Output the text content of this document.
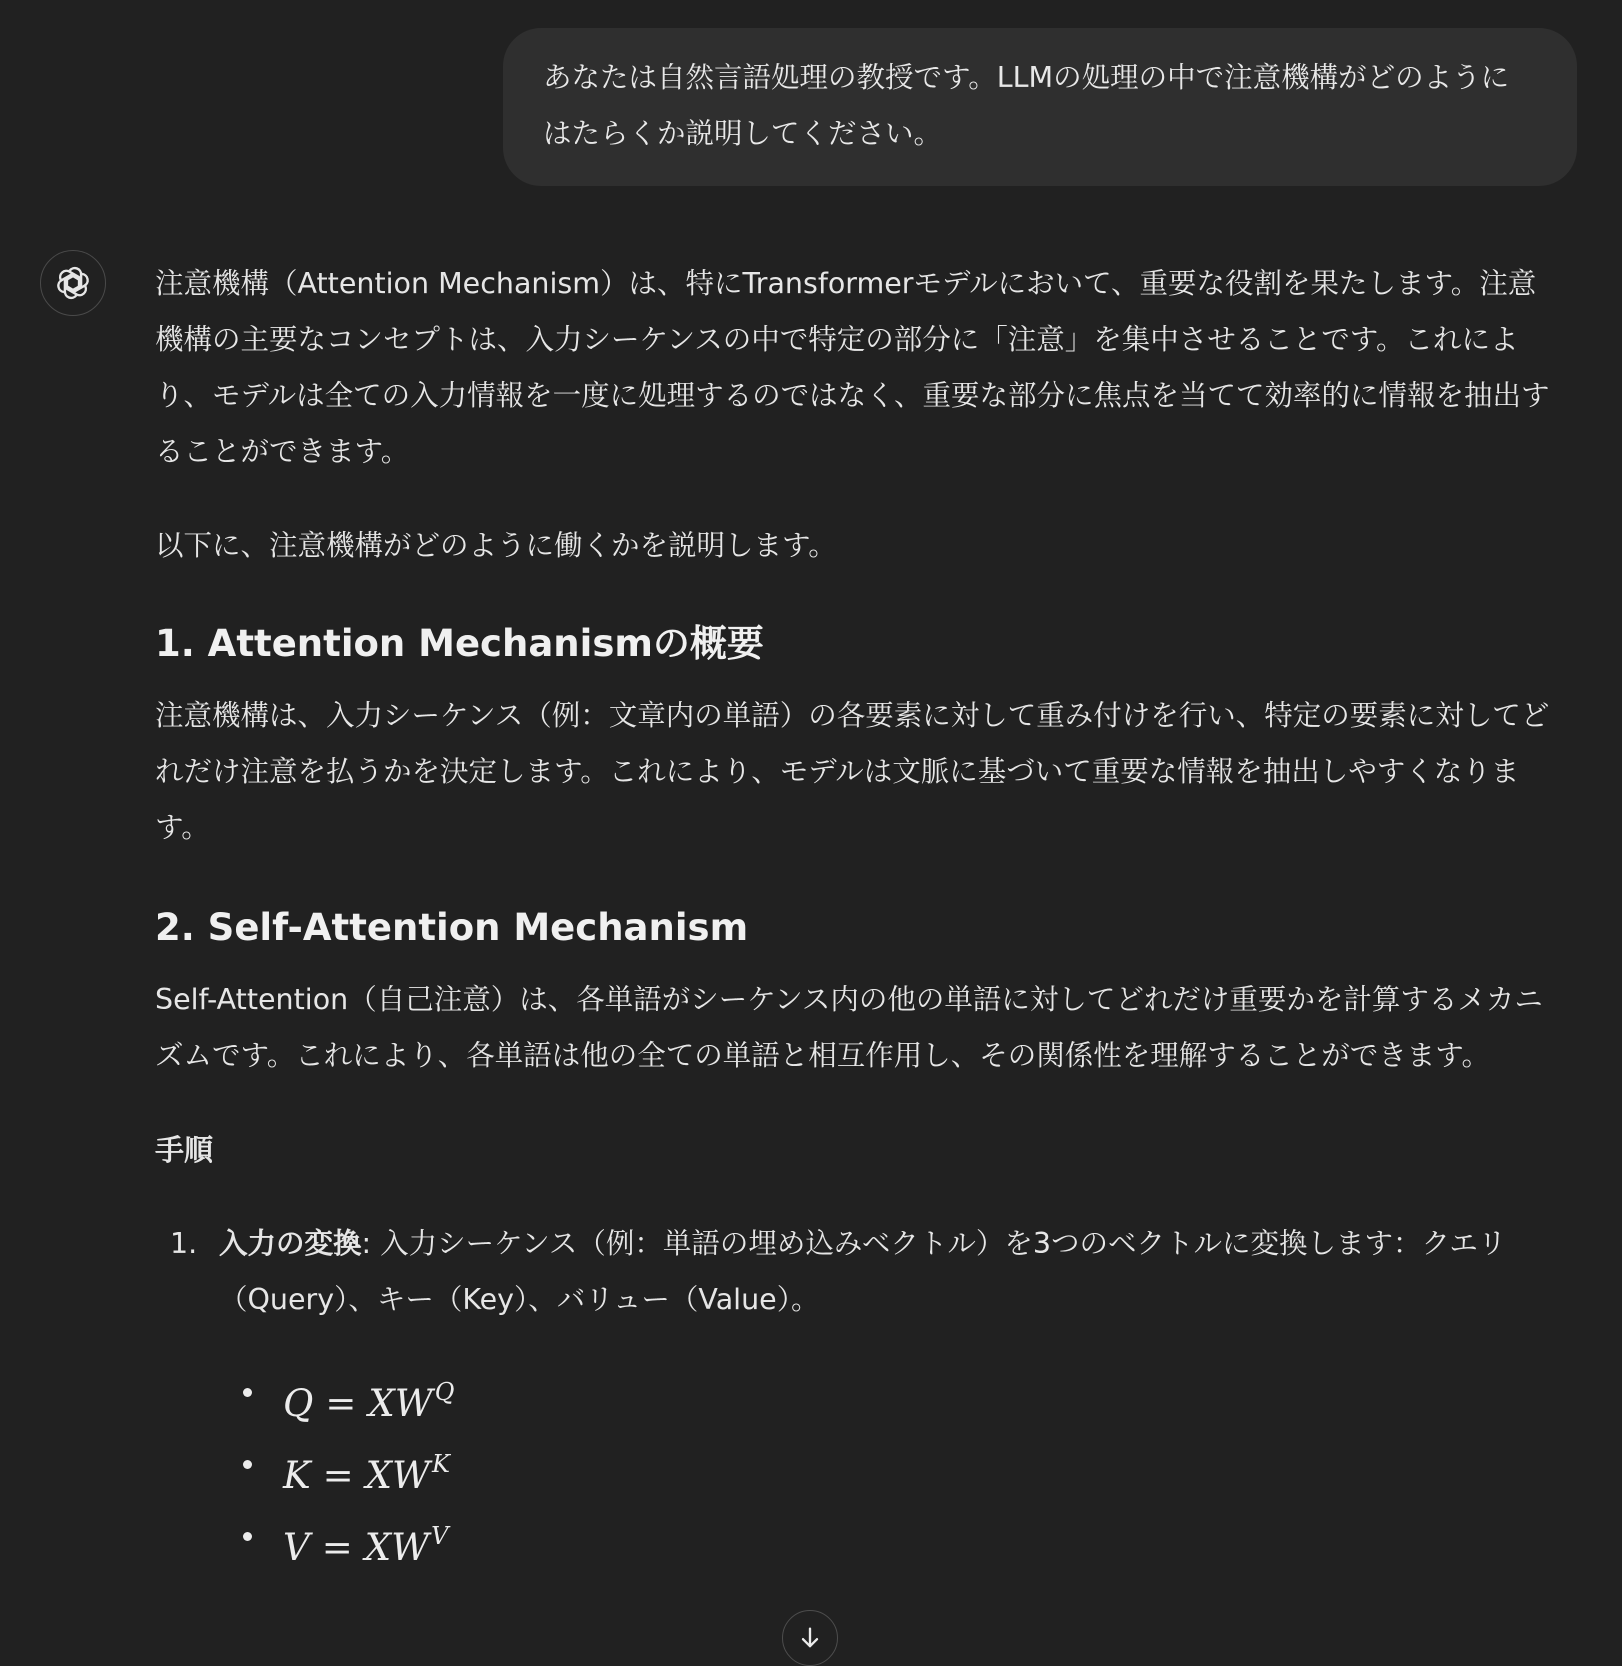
あなたは自然言語処理の教授です。LLMの処理の中で注意機構がどのようにはたらくか説明してください。

注意機構（Attention Mechanism）は、特にTransformerモデルにおいて、重要な役割を果たします。注意機構の主要なコンセプトは、入力シーケンスの中で特定の部分に「注意」を集中させることです。これにより、モデルは全ての入力情報を一度に処理するのではなく、重要な部分に焦点を当てて効率的に情報を抽出することができます。

以下に、注意機構がどのように働くかを説明します。

1. Attention Mechanismの概要

注意機構は、入力シーケンス（例：文章内の単語）の各要素に対して重み付けを行い、特定の要素に対してどれだけ注意を払うかを決定します。これにより、モデルは文脈に基づいて重要な情報を抽出しやすくなります。

2. Self-Attention Mechanism

Self-Attention（自己注意）は、各単語がシーケンス内の他の単語に対してどれだけ重要かを計算するメカニズムです。これにより、各単語は他の全ての単語と相互作用し、その関係性を理解することができます。

手順
1. 入力の変換: 入力シーケンス（例：単語の埋め込みベクトル）を3つのベクトルに変換します：クエリ（Query）、キー（Key）、バリュー（Value）。
$Q = XW^Q$
$K = XW^K$
$V = XW^V$
